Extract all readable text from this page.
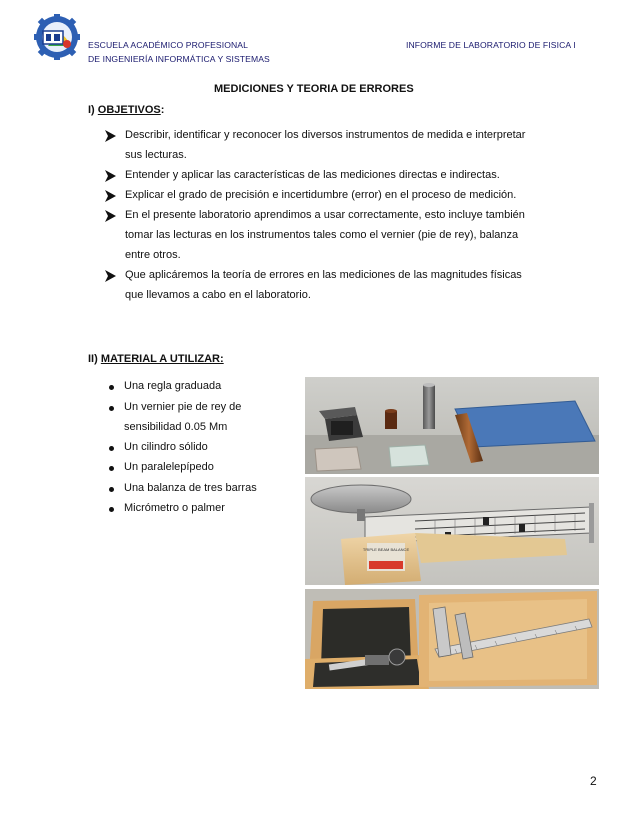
ESCUELA ACADÉMICO PROFESIONAL
DE INGENIERÍA INFORMÁTICA Y SISTEMAS
INFORME DE LABORATORIO DE FISICA I
MEDICIONES Y TEORIA DE ERRORES
I) OBJETIVOS:
Describir, identificar y reconocer los diversos instrumentos de medida e interpretar
sus lecturas.
Entender y aplicar las características de las mediciones directas e indirectas.
Explicar el grado de precisión e incertidumbre (error) en el proceso de medición.
En el presente laboratorio aprendimos a usar correctamente, esto incluye también
tomar las lecturas en los instrumentos tales como el vernier (pie de rey), balanza
entre otros.
Que aplicáremos la teoría de errores en las mediciones de las magnitudes físicas
que llevamos a cabo en el laboratorio.
II) MATERIAL A UTILIZAR:
Una regla graduada
Un vernier pie de rey de
sensibilidad 0.05 Mm
Un cilindro sólido
Un paralelepípedo
Una balanza de tres barras
Micrómetro o palmer
TRIPLE BEAM BALANCE
2
